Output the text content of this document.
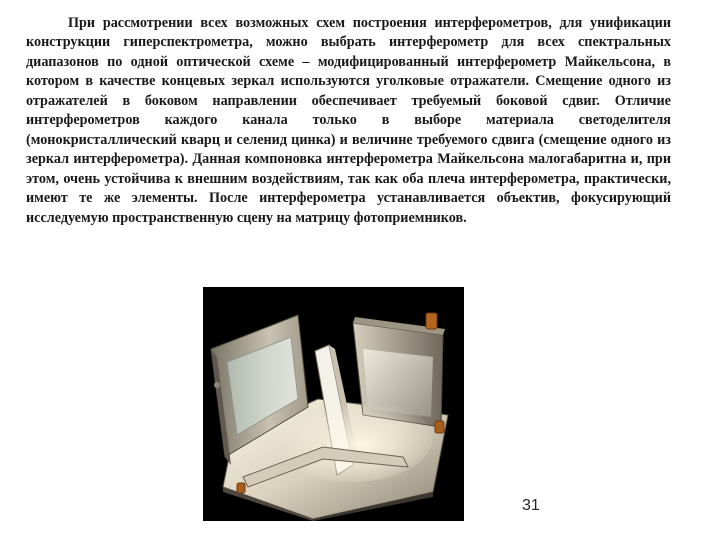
При рассмотрении всех возможных схем построения интерферометров, для унификации конструкции гиперспектрометра, можно выбрать интерферометр для всех спектральных диапазонов по одной оптической схеме – модифицированный интерферометр Майкельсона, в котором в качестве концевых зеркал используются уголковые отражатели. Смещение одного из отражателей в боковом направлении обеспечивает требуемый боковой сдвиг. Отличие интерферометров каждого канала только в выборе материала светоделителя (монокристаллический кварц и селенид цинка) и величине требуемого сдвига (смещение одного из зеркал интерферометра). Данная компоновка интерферометра Майкельсона малогабаритна и, при этом, очень устойчива к внешним воздействиям, так как оба плеча интерферометра, практически, имеют те же элементы. После интерферометра устанавливается объектив, фокусирующий исследуемую пространственную сцену на матрицу фотоприемников.

31
